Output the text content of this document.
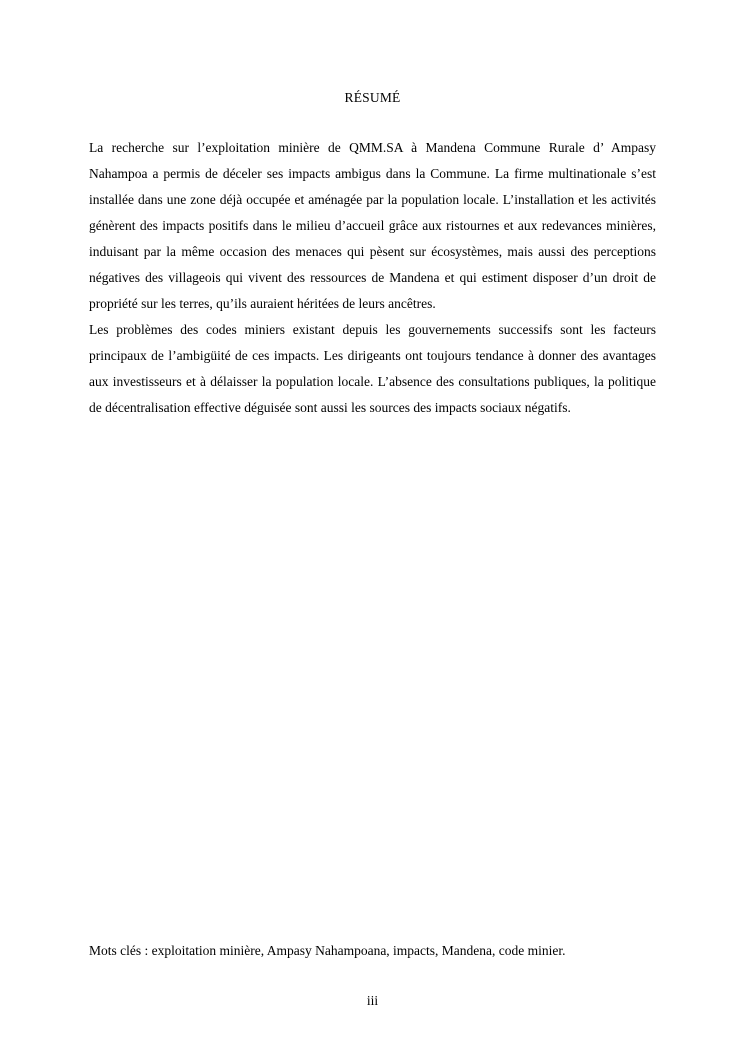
RÉSUMÉ

La recherche sur l’exploitation minière de QMM.SA à Mandena Commune Rurale d’ Ampasy Nahampoa a permis de déceler ses impacts ambigus dans la Commune. La firme multinationale s’est installée dans une zone déjà occupée et aménagée par la population locale. L’installation et les activités génèrent des impacts positifs dans le milieu d’accueil grâce aux ristournes et aux redevances minières, induisant par la même occasion des menaces qui pèsent sur écosystèmes, mais aussi des perceptions négatives des villageois qui vivent des ressources de Mandena et qui estiment disposer d’un droit de propriété sur les terres, qu’ils auraient héritées de leurs ancêtres.

Les problèmes des codes miniers existant depuis les gouvernements successifs sont les facteurs principaux de l’ambigüité de ces impacts. Les dirigeants ont toujours tendance à donner des avantages aux investisseurs et à délaisser la population locale. L’absence des consultations publiques, la politique de décentralisation effective déguisée sont aussi les sources des impacts sociaux négatifs.

Mots clés : exploitation minière, Ampasy Nahampoana, impacts, Mandena, code minier.

iii
